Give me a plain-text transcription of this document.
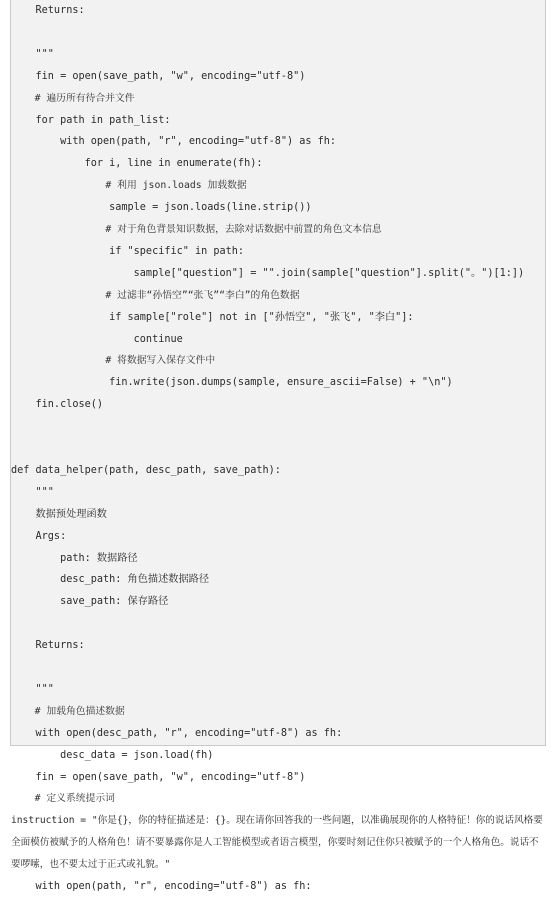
Returns:
"""
fin = open(save_path, "w", encoding="utf-8")
# 遍历所有待合并文件
for path in path_list:
with open(path, "r", encoding="utf-8") as fh:
for i, line in enumerate(fh):
# 利用 json.loads 加载数据
sample = json.loads(line.strip())
# 对于角色背景知识数据，去除对话数据中前置的角色文本信息
if "specific" in path:
sample["question"] = "".join(sample["question"].split("。")[1:])
# 过滤非“孙悟空”“张飞”“李白”的角色数据
if sample["role"] not in ["孙悟空", "张飞", "李白"]:
continue
# 将数据写入保存文件中
fin.write(json.dumps(sample, ensure_ascii=False) + "\n")
fin.close()
def data_helper(path, desc_path, save_path):
"""
数据预处理函数
Args:
path: 数据路径
desc_path: 角色描述数据路径
save_path: 保存路径
Returns:
"""
# 加载角色描述数据
with open(desc_path, "r", encoding="utf-8") as fh:
desc_data = json.load(fh)
fin = open(save_path, "w", encoding="utf-8")
# 定义系统提示词
instruction = "你是{}，你的特征描述是：{}。现在请你回答我的一些问题，以准确展现你的人格特征！你的说话风格要全面模仿被赋予的人格角色！请不要暴露你是人工智能模型或者语言模型，你要时刻记住你只被赋予的一个人格角色。说话不要啰嗦，也不要太过于正式或礼貌。"
with open(path, "r", encoding="utf-8") as fh:
